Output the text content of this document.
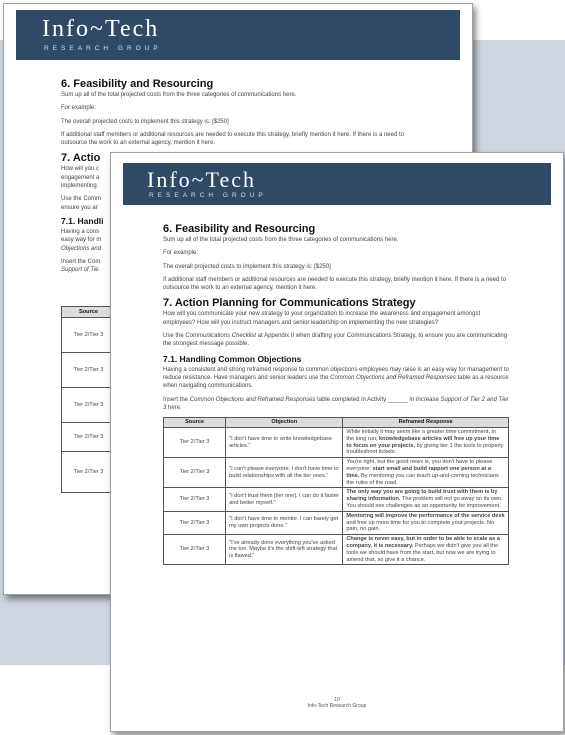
Info~Tech
RESEARCH GROUP
6. Feasibility and Resourcing

Sum up all of the total projected costs from the three categories of communications here.

For example:

The overall projected costs to implement this strategy is: [$250]

If additional staff members or additional resources are needed to execute this strategy, briefly mention it here. If there is a need to outsource the work to an external agency, mention it here.

7. Actio
How will you c
engagement a
implementing
Use the Comm
ensure you ar
7.1. Handli
Having a cons
easy way for m
Objections and
Insert the Com
Support of Tie
Source
Tier 2/Tier 3
Tier 2/Tier 3
Tier 2/Tier 3
Tier 2/Tier 3
Tier 2/Tier 3
Info~Tech
RESEARCH GROUP
6. Feasibility and Resourcing

Sum up all of the total projected costs from the three categories of communications here.

For example:

The overall projected costs to implement this strategy is: [$250]

If additional staff members or additional resources are needed to execute this strategy, briefly mention it here. If there is a need to outsource the work to an external agency, mention it here.

7. Action Planning for Communications Strategy

How will you communicate your new strategy to your organization to increase the awareness and engagement amongst employees? How will you instruct managers and senior leadership on implementing the new strategies?

Use the Communications Checklist at Appendix II when drafting your Communications Strategy, to ensure you are communicating the strongest message possible.

7.1. Handling Common Objections

Having a consistent and strong reframed response to common objections employees may raise is an easy way for management to reduce resistance. Have managers and senior leaders use the Common Objections and Reframed Responses table as a resource when navigating communications.

Insert the Common Objections and Reframed Responses table completed in Activity ______ in Increase Support of Tier 2 and Tier 3 here.

Source	Objection	Reframed Response
Tier 2/Tier 3	"I don't have time to write knowledgebase articles."	While initially it may seem like a greater time commitment, in the long run, knowledgebase articles will free up your time to focus on your projects, by giving tier 1 the tools to properly troubleshoot tickets.
Tier 2/Tier 3	"I can't please everyone; I don't have time to build relationships with all the tier ones."	You're right, but the good news is, you don't have to please everyone: start small and build rapport one person at a time. By mentoring you can teach up-and-coming technicians the rules of the road.
Tier 2/Tier 3	"I don't trust them [tier one]. I can do it faster and better myself."	The only way you are going to build trust with them is by sharing information. The problem will not go away on its own. You should see challenges as an opportunity for improvement.
Tier 2/Tier 3	"I don't have time to mentor. I can barely get my own projects done."	Mentoring will improve the performance of the service desk and free up more time for you to complete your projects. No pain, no gain.
Tier 2/Tier 3	"I've already done everything you've asked me too. Maybe it's the shift-left strategy that is flawed."	Change is never easy, but in order to be able to scale as a company, it is necessary. Perhaps we didn't give you all the tools we should have from the start, but now we are trying to amend that, so give it a chance.
10
Info-Tech Research Group
